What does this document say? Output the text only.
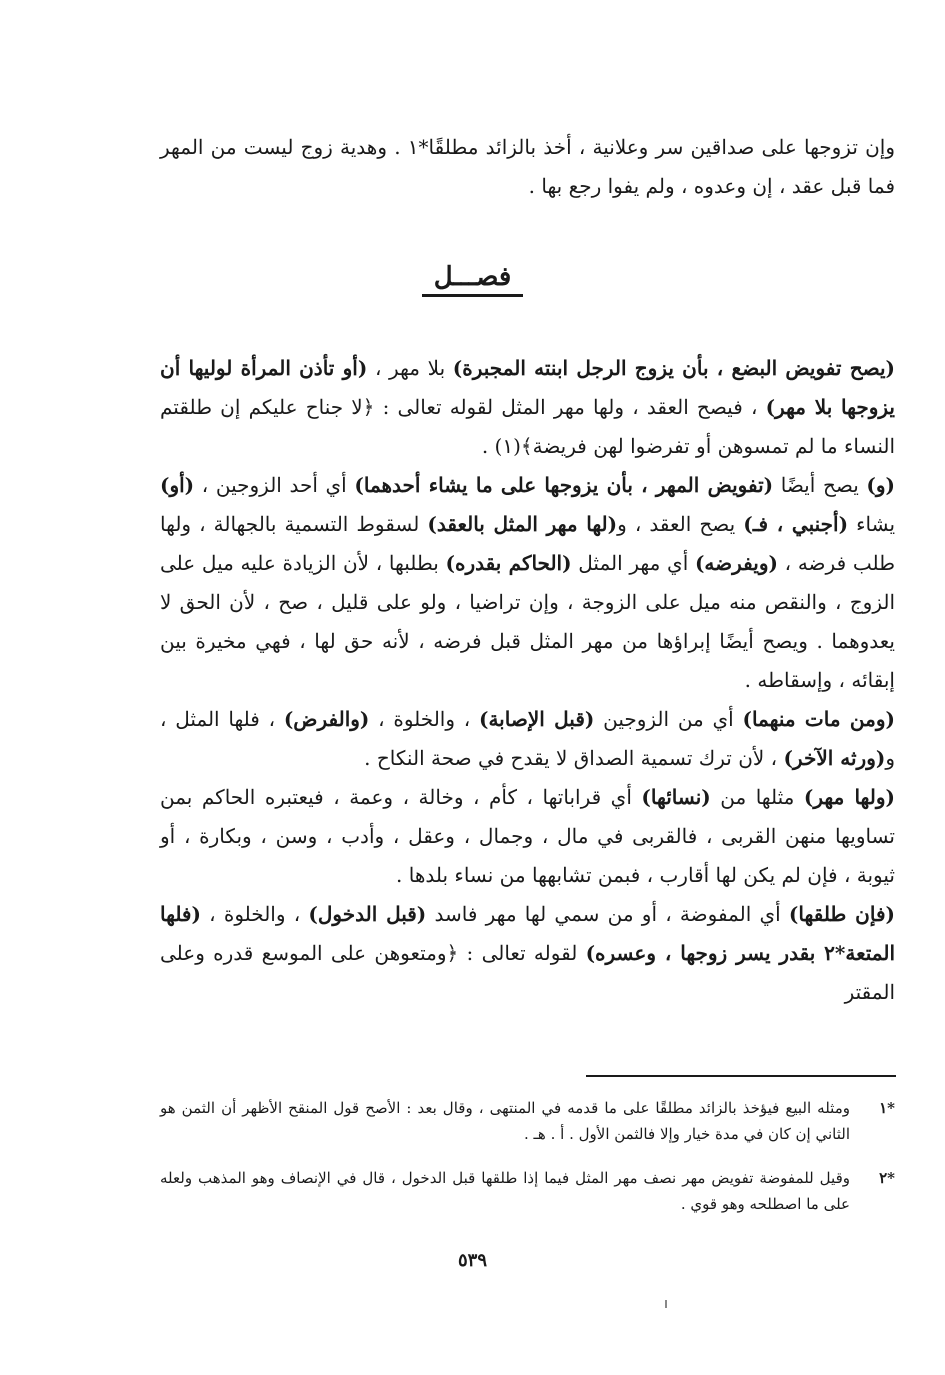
وإن تزوجها على صداقين سر وعلانية ، أخذ بالزائد مطلقًا*١ . وهدية زوج ليست من المهر فما قبل عقد ، إن وعدوه ، ولم يفوا رجع بها .

فصـــل

(يصح تفويض البضع ، بأن يزوج الرجل ابنته المجبرة) بلا مهر ، (أو تأذن المرأة لوليها أن يزوجها بلا مهر) ، فيصح العقد ، ولها مهر المثل لقوله تعالى : ﴿لا جناح عليكم إن طلقتم النساء ما لم تمسوهن أو تفرضوا لهن فريضة﴾(١) .

(و) يصح أيضًا (تفويض المهر ، بأن يزوجها على ما يشاء أحدهما) أي أحد الزوجين ، (أو) يشاء (أجنبي ، فـ) يصح العقد ، و(لها مهر المثل بالعقد) لسقوط التسمية بالجهالة ، ولها طلب فرضه ، (ويفرضه) أي مهر المثل (الحاكم بقدره) بطلبها ، لأن الزيادة عليه ميل على الزوج ، والنقص منه ميل على الزوجة ، وإن تراضيا ، ولو على قليل ، صح ، لأن الحق لا يعدوهما . ويصح أيضًا إبراؤها من مهر المثل قبل فرضه ، لأنه حق لها ، فهي مخيرة بين إبقائه ، وإسقاطه .

(ومن مات منهما) أي من الزوجين (قبل الإصابة) ، والخلوة ، (والفرض) ، فلها المثل ، و(ورثه الآخر) ، لأن ترك تسمية الصداق لا يقدح في صحة النكاح .

(ولها مهر) مثلها من (نسائها) أي قراباتها ، كأم ، وخالة ، وعمة ، فيعتبره الحاكم بمن تساويها منهن القربى ، فالقربى في مال ، وجمال ، وعقل ، وأدب ، وسن ، وبكارة ، أو ثيوبة ، فإن لم يكن لها أقارب ، فبمن تشابهها من نساء بلدها .

(فإن طلقها) أي المفوضة ، أو من سمي لها مهر فاسد (قبل الدخول) ، والخلوة ، (فلها المتعة*٢ بقدر يسر زوجها ، وعسره) لقوله تعالى : ﴿ومتعوهن على الموسع قدره وعلى المقتر

*١
ومثله البيع فيؤخذ بالزائد مطلقًا على ما قدمه في المنتهى ، وقال بعد : الأصح قول المنقح الأظهر أن الثمن هو الثاني إن كان في مدة خيار وإلا فالثمن الأول . أ . هـ .
*٢
وقيل للمفوضة تفويض مهر نصف مهر المثل فيما إذا طلقها قبل الدخول ، قال في الإنصاف وهو المذهب ولعله على ما اصطلحه وهو قوي .
٥٣٩
